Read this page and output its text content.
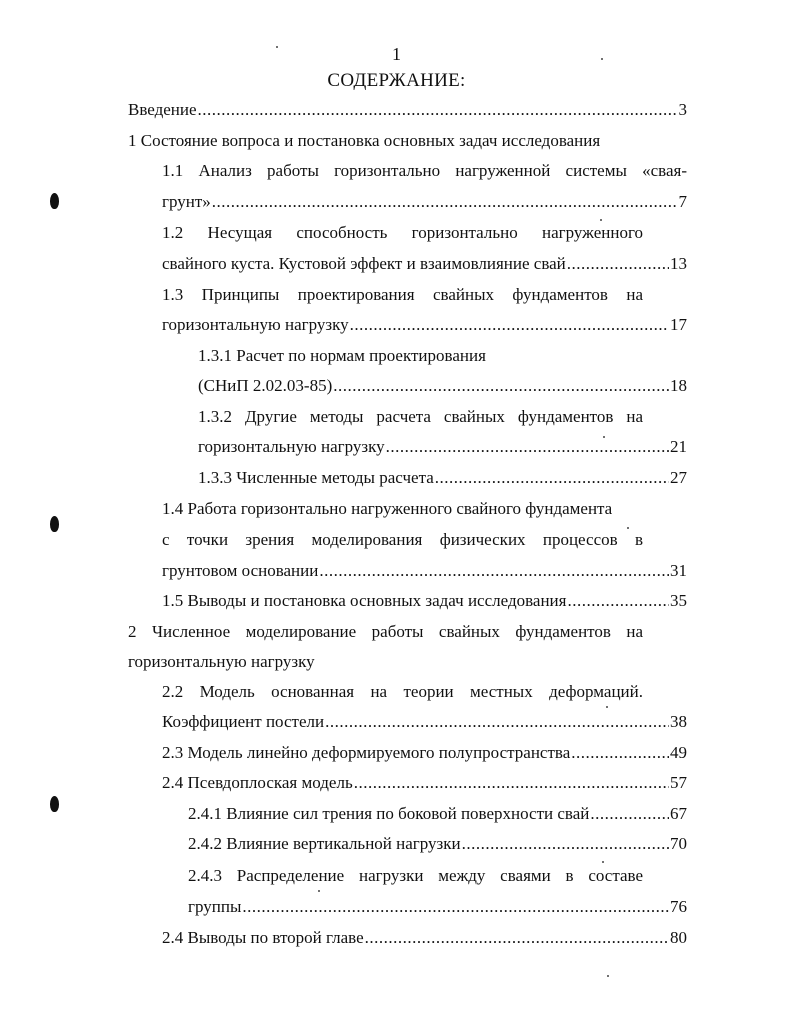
1
СОДЕРЖАНИЕ:
Введение .....	3
1 Состояние вопроса и постановка основных задач исследования
1.1 Анализ работы горизонтально нагруженной системы «свая-
грунт» .....	7
1.2 Несущая способность горизонтально нагруженного
свайного куста. Кустовой эффект и взаимовлияние свай .....	13
1.3 Принципы проектирования свайных фундаментов на
горизонтальную нагрузку .....	17
1.3.1 Расчет по нормам проектирования
(СНиП 2.02.03-85) .....	18
1.3.2 Другие методы расчета свайных фундаментов на
горизонтальную нагрузку .....	21
1.3.3 Численные методы расчета .....	27
1.4 Работа горизонтально нагруженного свайного фундамента
с точки зрения моделирования физических процессов в
грунтовом основании .....	31
1.5 Выводы и постановка основных задач исследования .....	35
2 Численное моделирование работы свайных фундаментов на
горизонтальную нагрузку
2.2 Модель основанная на теории местных деформаций.
Коэффициент постели .....	38
2.3 Модель линейно деформируемого полупространства .....	49
2.4 Псевдоплоская модель .....	57
2.4.1 Влияние сил трения по боковой поверхности свай .....	67
2.4.2 Влияние вертикальной нагрузки .....	70
2.4.3 Распределение нагрузки между сваями в составе
группы .....	76
2.4 Выводы по второй главе .....	80
